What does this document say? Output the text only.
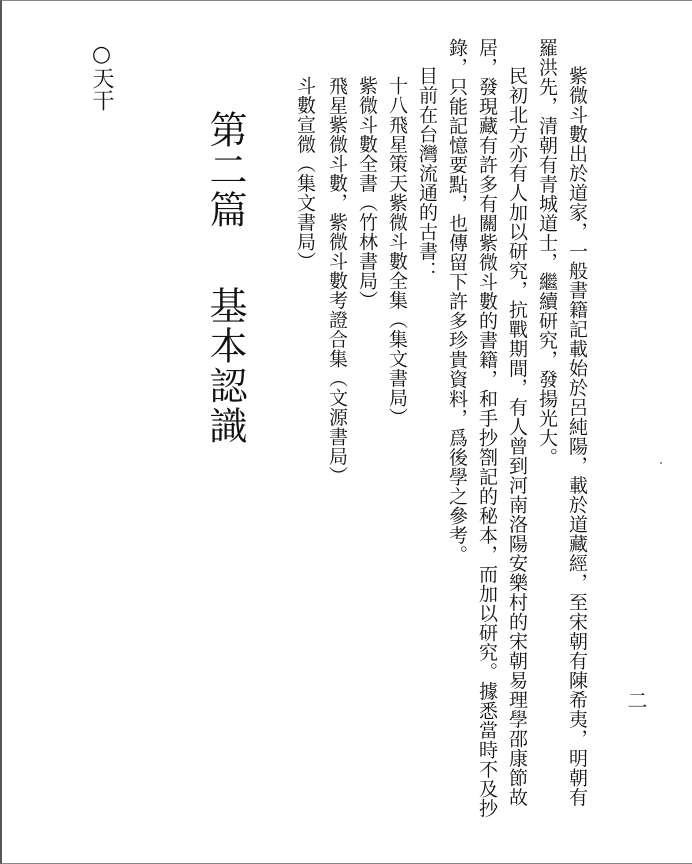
紫微斗數出於道家，一般書籍記載始於呂純陽，載於道藏經，至宋朝有陳希夷，明朝有
羅洪先，清朝有青城道士，繼續研究，發揚光大。
民初北方亦有人加以研究，抗戰期間，有人曾到河南洛陽安樂村的宋朝易理學邵康節故
居，發現藏有許多有關紫微斗數的書籍，和手抄劄記的秘本，而加以研究。據悉當時不及抄
錄，只能記憶要點，也傳留下許多珍貴資料，爲後學之參考。
目前在台灣流通的古書：
十八飛星策天紫微斗數全集（集文書局）
紫微斗數全書（竹林書局）
飛星紫微斗數，紫微斗數考證合集（文源書局）
斗數宣微（集文書局）
第二篇基本認識
○天干
二
